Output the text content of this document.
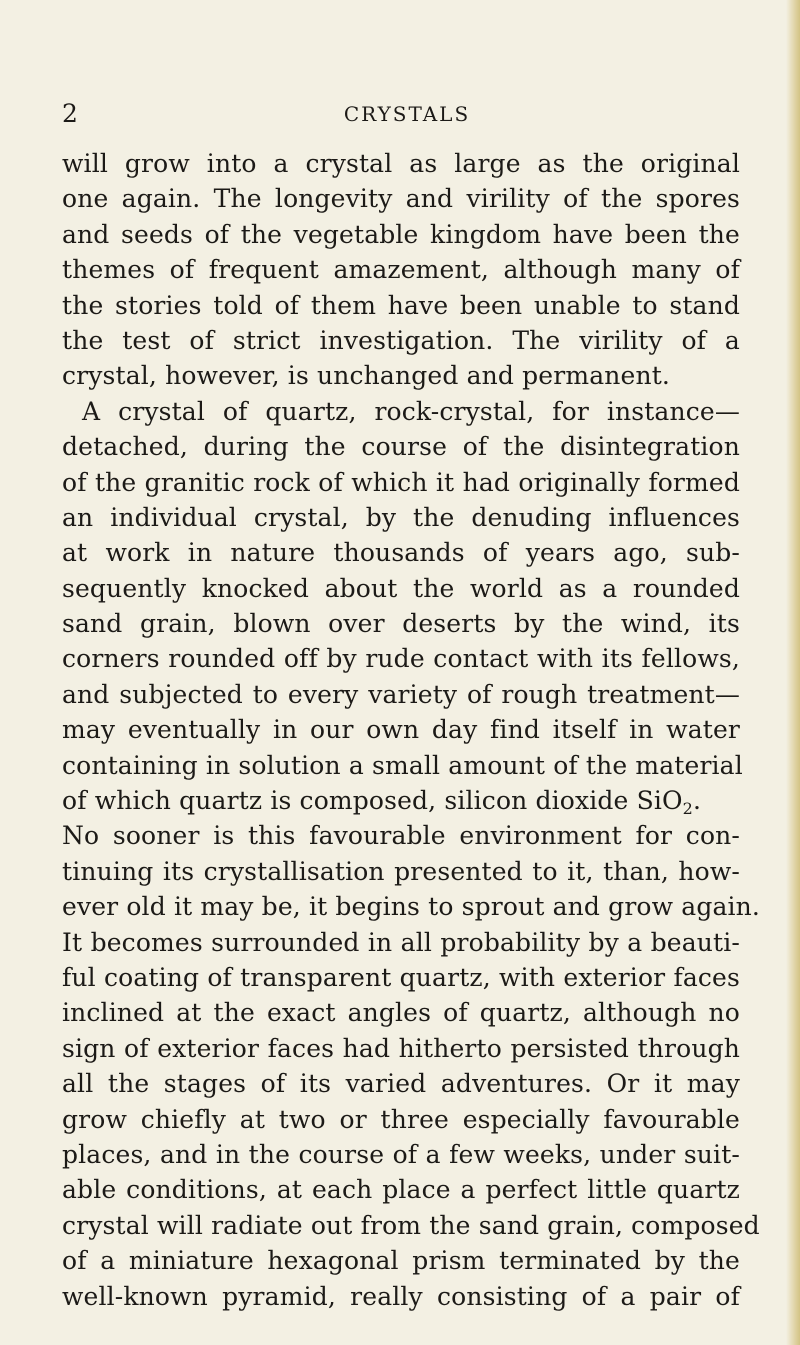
2	CRYSTALS
will grow into a crystal as large as the original
one again. The longevity and virility of the spores
and seeds of the vegetable kingdom have been the
themes of frequent amazement, although many of
the stories told of them have been unable to stand
the test of strict investigation. The virility of a
crystal, however, is unchanged and permanent.
A crystal of quartz, rock-crystal, for instance—
detached, during the course of the disintegration
of the granitic rock of which it had originally formed
an individual crystal, by the denuding influences
at work in nature thousands of years ago, sub-
sequently knocked about the world as a rounded
sand grain, blown over deserts by the wind, its
corners rounded off by rude contact with its fellows,
and subjected to every variety of rough treatment—
may eventually in our own day find itself in water
containing in solution a small amount of the material
of which quartz is composed, silicon dioxide SiO$_2$.
No sooner is this favourable environment for con-
tinuing its crystallisation presented to it, than, how-
ever old it may be, it begins to sprout and grow again.
It becomes surrounded in all probability by a beauti-
ful coating of transparent quartz, with exterior faces
inclined at the exact angles of quartz, although no
sign of exterior faces had hitherto persisted through
all the stages of its varied adventures. Or it may
grow chiefly at two or three especially favourable
places, and in the course of a few weeks, under suit-
able conditions, at each place a perfect little quartz
crystal will radiate out from the sand grain, composed
of a miniature hexagonal prism terminated by the
well-known pyramid, really consisting of a pair of
